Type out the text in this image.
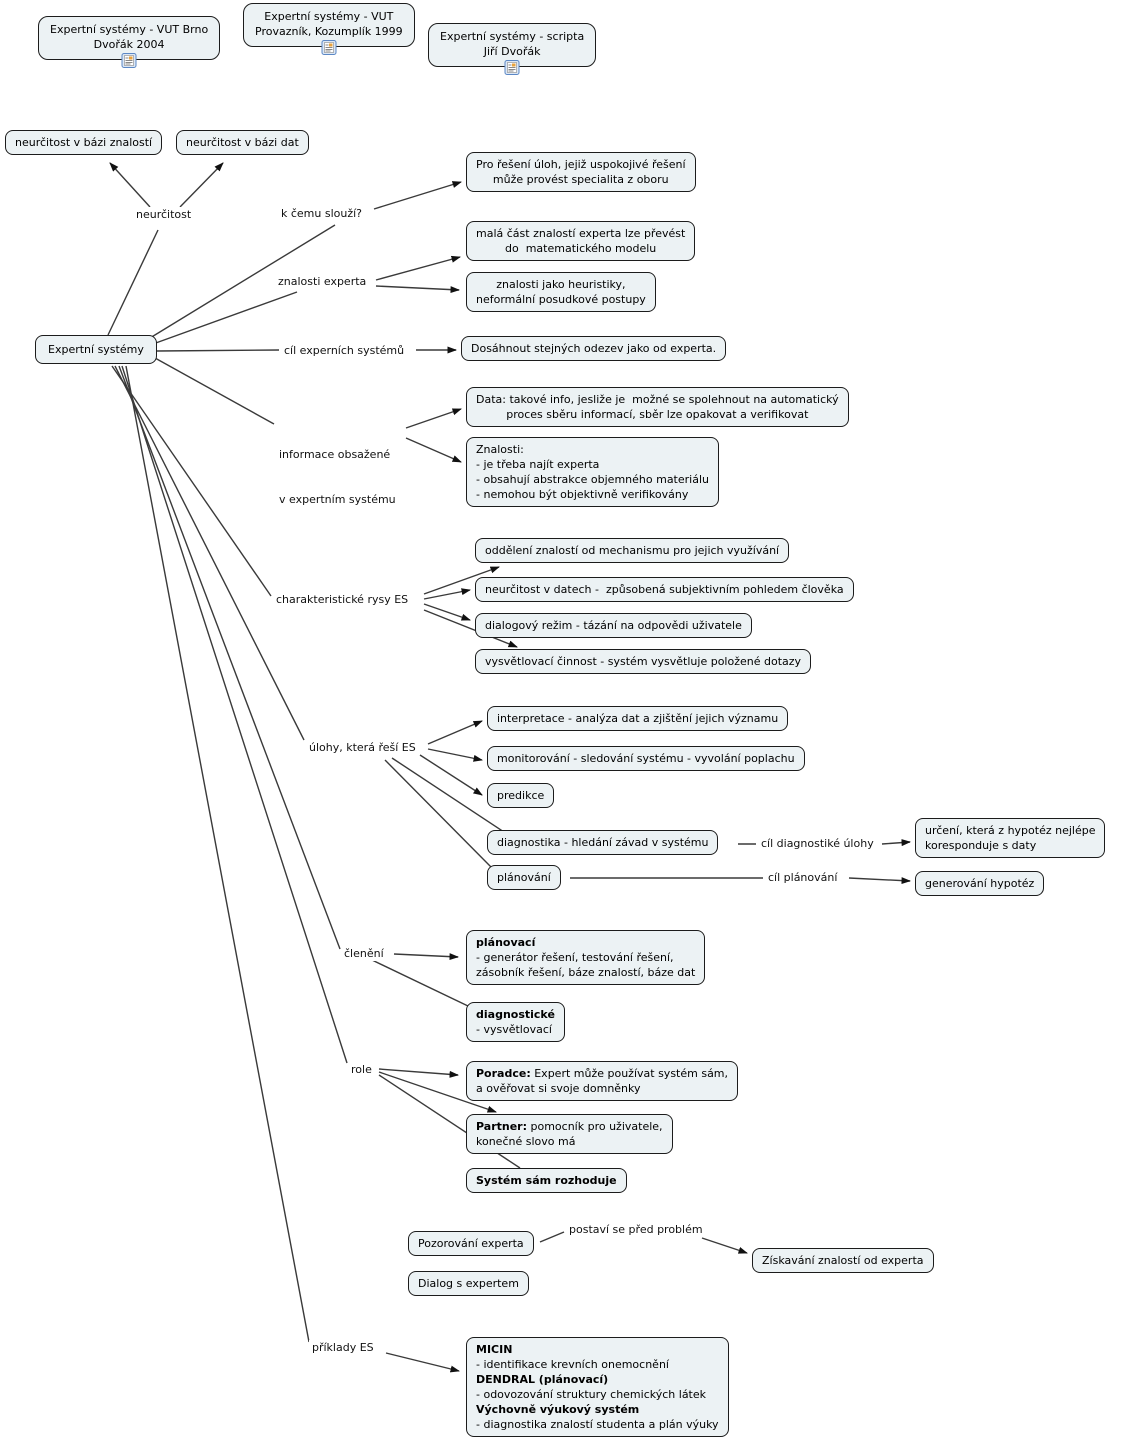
Expertní systémy - VUT Brno
Dvořák 2004
Expertní systémy - VUT
Provazník, Kozumplík 1999	Expertní systémy - scripta
Jiří Dvořák
neurčitost v bázi znalostí	neurčitost v bázi dat
Expertní systémy
neurčitost	k čemu slouží?
znalosti experta
cíl experních systémů

informace obsažené

v expertním systému

charakteristické rysy ES
úlohy, která řeší ES
cíl diagnostiké úlohy
cíl plánování
členění
role
postaví se před problém
příklady ES
Pro řešení úloh, jejiž uspokojivé řešení
může provést specialita z oboru
malá část znalostí experta lze převést
do  matematického modelu
znalosti jako heuristiky,
neformální posudkové postupy
Dosáhnout stejných odezev jako od experta.
Data: takové info, jesliže je  možné se spolehnout na automatický
proces sběru informací, sběr lze opakovat a verifikovat
Znalosti:
- je třeba najít experta
- obsahují abstrakce objemného materiálu
- nemohou být objektivně verifikovány
oddělení znalostí od mechanismu pro jejich využívání
neurčitost v datech -  způsobená subjektivním pohledem člověka
dialogový režim - tázání na odpovědi uživatele
vysvětlovací činnost - systém vysvětluje položené dotazy
interpretace - analýza dat a zjištění jejich významu
monitorování - sledování systému - vyvolání poplachu
predikce
diagnostika - hledání závad v systému
určení, která z hypotéz nejlépe
koresponduje s daty
plánování	generování hypotéz
plánovací
- generátor řešení, testování řešení,
zásobník řešení, báze znalostí, báze dat
diagnostické
- vysvětlovací
Poradce: Expert může používat systém sám,
a ověřovat si svoje domněnky
Partner: pomocník pro uživatele,
konečné slovo má
Systém sám rozhoduje
Pozorování experta
Dialog s expertem
Získavání znalostí od experta
MICIN
- identifikace krevních onemocnění
DENDRAL (plánovací)
- odovozování struktury chemických látek
Výchovně výukový systém
- diagnostika znalostí studenta a plán výuky
